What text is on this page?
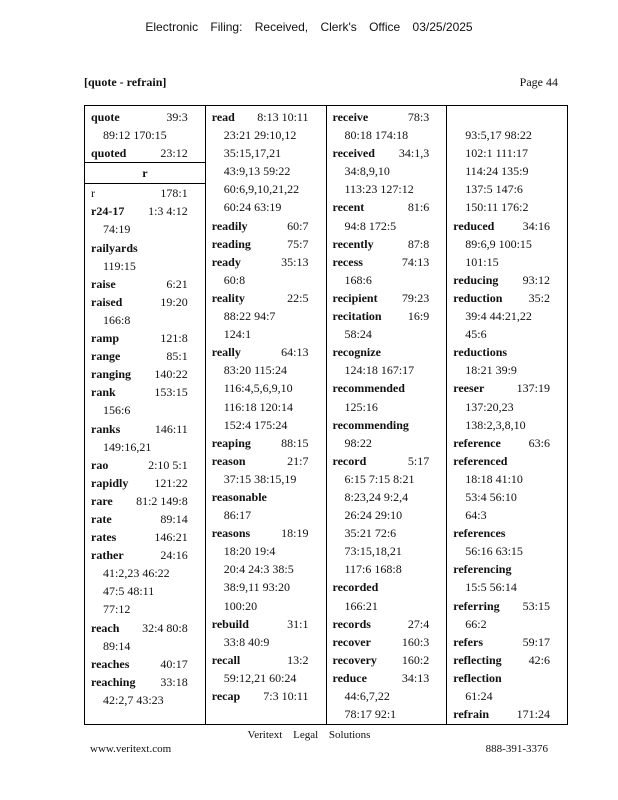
Electronic Filing: Received, Clerk's Office 03/25/2025
[quote - refrain]	Page 44
quote	39:3
89:12 170:15
quoted	23:12
r
r	178:1
r24-17 1:3 4:12
74:19
railyards
119:15
raise	6:21
raised	19:20
166:8
ramp	121:8
range	85:1
ranging 140:22
rank	153:15
156:6
ranks	146:11
149:16,21
rao	2:10 5:1
rapidly 121:22
rare 81:2 149:8
rate	89:14
rates	146:21
rather	24:16
41:2,23 46:22
47:5 48:11
77:12
reach 32:4 80:8
89:14
reaches	40:17
reaching 33:18
42:2,7 43:23
read 8:13 10:11
23:21 29:10,12
35:15,17,21
43:9,13 59:22
60:6,9,10,21,22
60:24 63:19
readily	60:7
reading	75:7
ready	35:13
60:8
reality	22:5
88:22 94:7
124:1
really	64:13
83:20 115:24
116:4,5,6,9,10
116:18 120:14
152:4 175:24
reaping	88:15
reason	21:7
37:15 38:15,19
reasonable
86:17
reasons	18:19
18:20 19:4
20:4 24:3 38:5
38:9,11 93:20
100:20
rebuild	31:1
33:8 40:9
recall	13:2
59:12,21 60:24
recap 7:3 10:11
receive	78:3
80:18 174:18
received 34:1,3
34:8,9,10
113:23 127:12
recent	81:6
94:8 172:5
recently	87:8
recess	74:13
168:6
recipient 79:23
recitation 16:9
58:24
recognize
124:18 167:17
recommended
125:16
recommending
98:22
record	5:17
6:15 7:15 8:21
8:23,24 9:2,4
26:24 29:10
35:21 72:6
73:15,18,21
117:6 168:8
recorded
166:21
records	27:4
recover	160:3
recovery 160:2
reduce	34:13
44:6,7,22
78:17 92:1
93:5,17 98:22
102:1 111:17
114:24 135:9
137:5 147:6
150:11 176:2
reduced 34:16
89:6,9 100:15
101:15
reducing 93:12
reduction 35:2
39:4 44:21,22
45:6
reductions
18:21 39:9
reeser	137:19
137:20,23
138:2,3,8,10
reference 63:6
referenced
18:18 41:10
53:4 56:10
64:3
references
56:16 63:15
referencing
15:5 56:14
referring 53:15
66:2
refers	59:17
reflecting 42:6
reflection
61:24
refrain 171:24
Veritext Legal Solutions
www.veritext.com	888-391-3376
